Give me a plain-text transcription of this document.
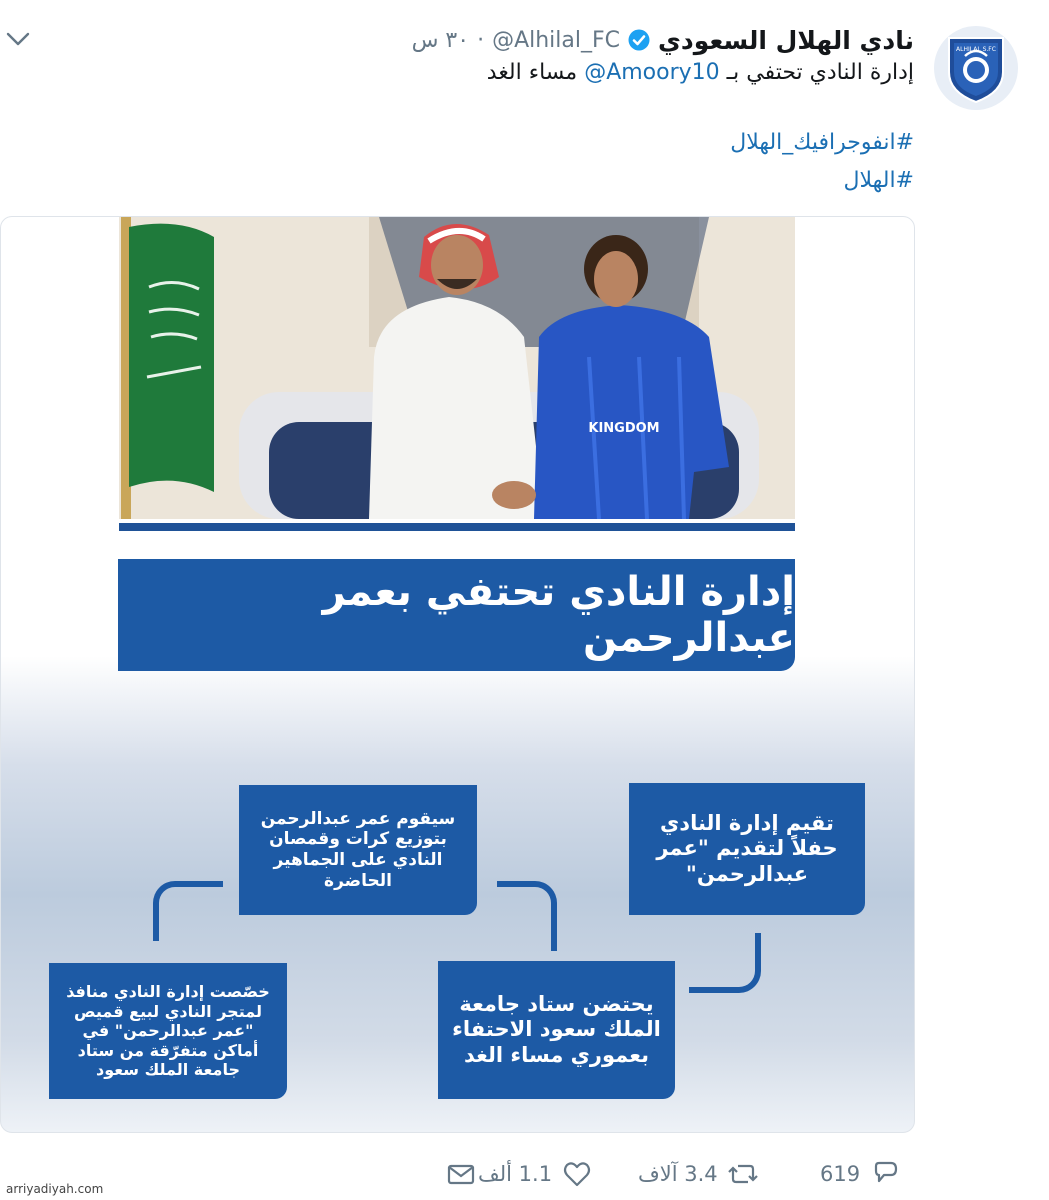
ALHILAL S.FC
نادي الهلال السعودي
@Alhilal_FC
·
٣٠ س
إدارة النادي تحتفي بـ @Amoory10 مساء الغد
#انفوجرافيك_الهلال
#الهلال
KINGDOM
إدارة النادي تحتفي بعمر عبدالرحمن
تقيم إدارة النادي حفلاً لتقديم "عمر عبدالرحمن"
سيقوم عمر عبدالرحمن بتوزيع كرات وقمصان النادي على الجماهير الحاضرة
يحتضن ستاد جامعة الملك سعود الاحتفاء بعموري مساء الغد
خصّصت إدارة النادي منافذ لمتجر النادي لبيع قميص "عمر عبدالرحمن" في أماكن متفرّقة من ستاد جامعة الملك سعود
619
3.4 آلاف
1.1 ألف
arriyadiyah.com
